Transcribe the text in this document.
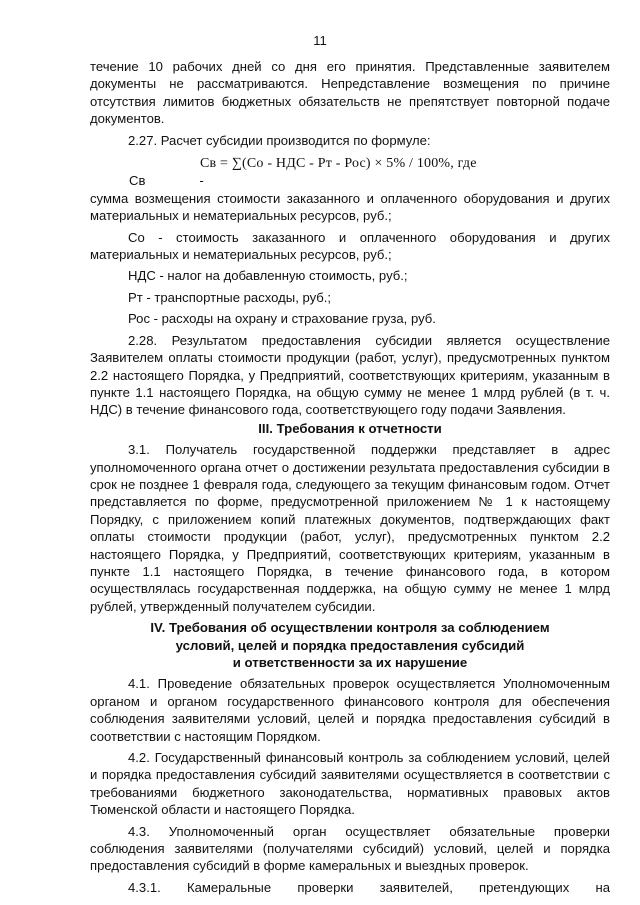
11

течение 10 рабочих дней со дня его принятия. Представленные заявителем документы не рассматриваются. Непредставление возмещения по причине отсутствия лимитов бюджетных обязательств не препятствует повторной подаче документов.

2.27. Расчет субсидии производится по формуле:

Св = ∑(Со - НДС - Рт - Рос) × 5% / 100%, где
Св	-

сумма возмещения стоимости заказанного и оплаченного оборудования и других материальных и нематериальных ресурсов, руб.;

Со - стоимость заказанного и оплаченного оборудования и других материальных и нематериальных ресурсов, руб.;

НДС - налог на добавленную стоимость, руб.;

Рт - транспортные расходы, руб.;

Рос - расходы на охрану и страхование груза, руб.

2.28. Результатом предоставления субсидии является осуществление Заявителем оплаты стоимости продукции (работ, услуг), предусмотренных пунктом 2.2 настоящего Порядка, у Предприятий, соответствующих критериям, указанным в пункте 1.1 настоящего Порядка, на общую сумму не менее 1 млрд рублей (в т. ч. НДС) в течение финансового года, соответствующего году подачи Заявления.

III. Требования к отчетности

3.1. Получатель государственной поддержки представляет в адрес уполномоченного органа отчет о достижении результата предоставления субсидии в срок не позднее 1 февраля года, следующего за текущим финансовым годом. Отчет представляется по форме, предусмотренной приложением № 1 к настоящему Порядку, с приложением копий платежных документов, подтверждающих факт оплаты стоимости продукции (работ, услуг), предусмотренных пунктом 2.2 настоящего Порядка, у Предприятий, соответствующих критериям, указанным в пункте 1.1 настоящего Порядка, в течение финансового года, в котором осуществлялась государственная поддержка, на общую сумму не менее 1 млрд рублей, утвержденный получателем субсидии.

IV. Требования об осуществлении контроля за соблюдением
условий, целей и порядка предоставления субсидий
и ответственности за их нарушение

4.1. Проведение обязательных проверок осуществляется Уполномоченным органом и органом государственного финансового контроля для обеспечения соблюдения заявителями условий, целей и порядка предоставления субсидий в соответствии с настоящим Порядком.

4.2. Государственный финансовый контроль за соблюдением условий, целей и порядка предоставления субсидий заявителями осуществляется в соответствии с требованиями бюджетного законодательства, нормативных правовых актов Тюменской области и настоящего Порядка.

4.3. Уполномоченный орган осуществляет обязательные проверки соблюдения заявителями (получателями субсидий) условий, целей и порядка предоставления субсидий в форме камеральных и выездных проверок.

4.3.1. Камеральные проверки заявителей, претендующих на
